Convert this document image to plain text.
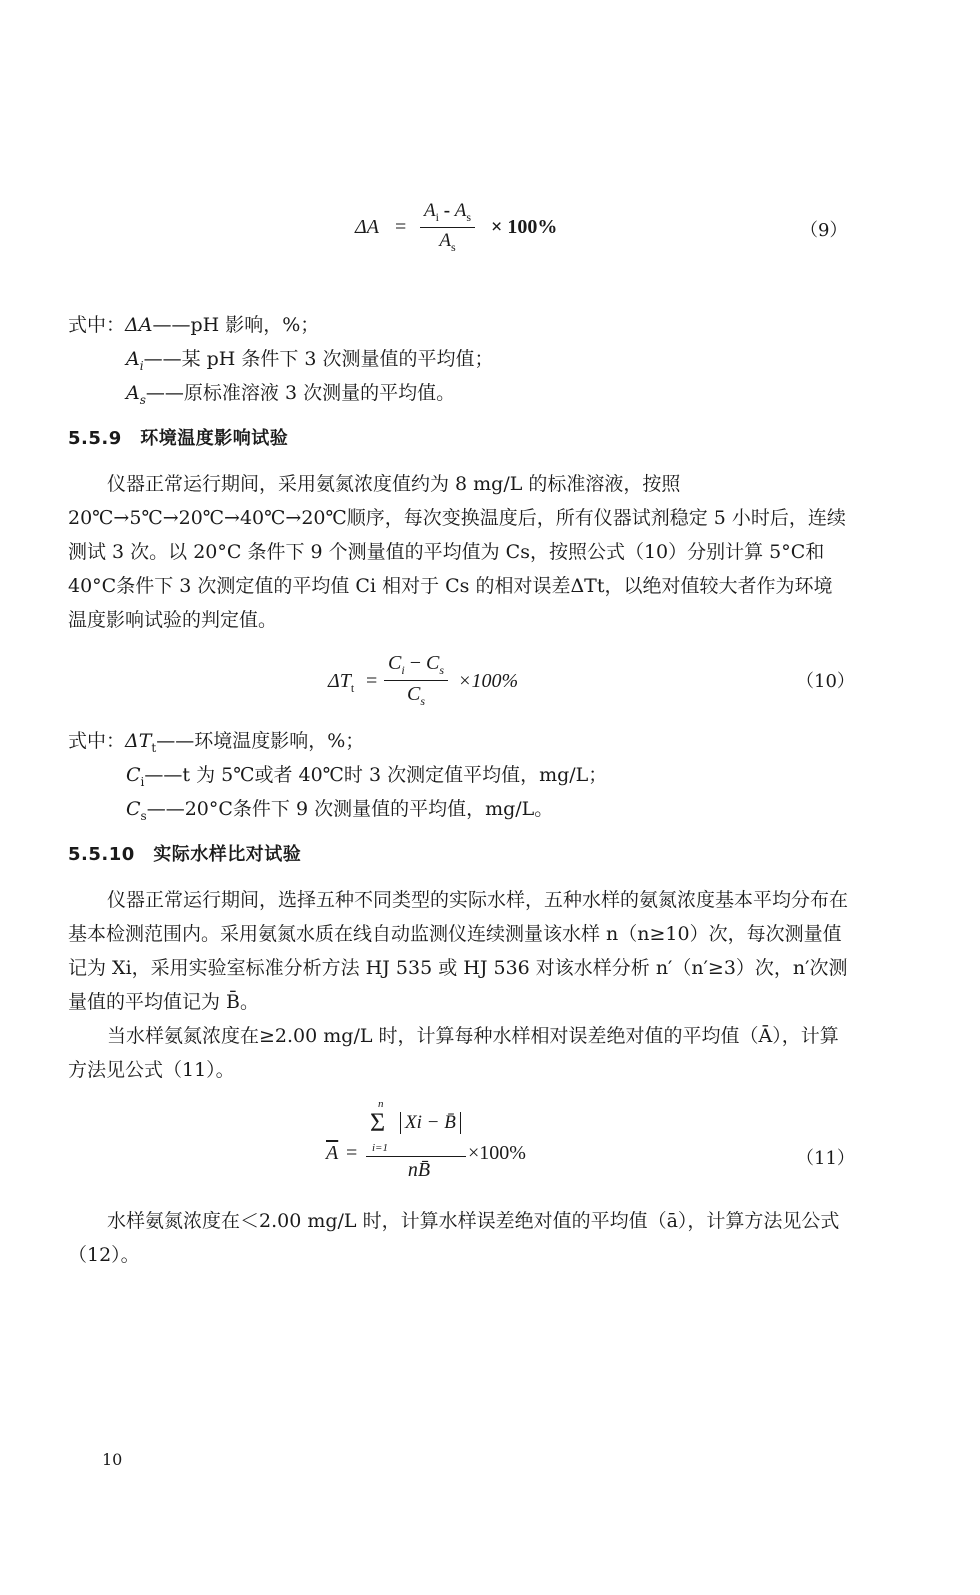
$\Delta A = \frac{A_i - A_s}{A_s} \times 100\%$	（9）
式中：ΔA——pH 影响，%；
$A_i——$某 pH 条件下 3 次测量值的平均值；
$A_s——$原标准溶液 3 次测量的平均值。
5.5.9　环境温度影响试验
仪器正常运行期间，采用氨氮浓度值约为 8 mg/L 的标准溶液，按照 20℃→5℃→20℃→40℃→20℃顺序，每次变换温度后，所有仪器试剂稳定 5 小时后，连续测试 3 次。以 20°C 条件下 9 个测量值的平均值为 Cs，按照公式（10）分别计算 5°C和 40°C条件下 3 次测定值的平均值 Ci 相对于 Cs 的相对误差ΔTt，以绝对值较大者作为环境温度影响试验的判定值。
$\Delta T_t = \frac{C_i - C_s}{C_s} \times 100\%$	（10）
式中：$\Delta T_t——$环境温度影响，%；
$C_i——t$ 为 5℃或者 40℃时 3 次测定值平均值，mg/L；
$C_s——20^\circ C$条件下 9 次测量值的平均值，mg/L。
5.5.10　实际水样比对试验
仪器正常运行期间，选择五种不同类型的实际水样，五种水样的氨氮浓度基本平均分布在基本检测范围内。采用氨氮水质在线自动监测仪连续测量该水样 n（n≥10）次，每次测量值记为 Xi，采用实验室标准分析方法 HJ 535 或 HJ 536 对该水样分析 n′（n′≥3）次，n′次测量值的平均值记为 B̄。
当水样氨氮浓度在≥2.00 mg/L 时，计算每种水样相对误差绝对值的平均值（Ā），计算方法见公式（11）。
$\overline{A} = n$
Σ
i=1
Xi − B̄
nB̄ ×100%	（11）
水样氨氮浓度在＜2.00 mg/L 时，计算水样误差绝对值的平均值（ā），计算方法见公式（12）。
10
